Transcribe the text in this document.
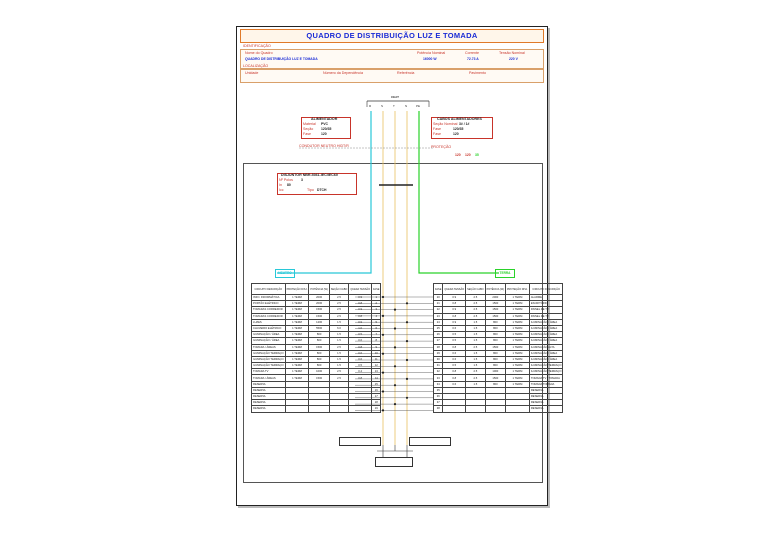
QUADRO DE DISTRIBUIÇÃO LUZ E TOMADA
IDENTIFICAÇÃO
Nome do Quadro
QUADRO DE DISTRIBUIÇÃO LUZ E TOMADA
Potência Nominal
16000 W
Corrente
72.73 A
Tensão Nominal
220 V
LOCALIZAÇÃO
Unidade	Número da Dependência	Referência	Pavimento
CEAT
R	S	T	N	PE
ALIMENTADOR
Material PVC
Seção 120/35
Fase	120
CABOS ALIMENTADORES
Seção Nominal 3# / 1#
Fase	120/35
Fase	120
CONDUTOR NEUTRO HIDT/R	PROTEÇÃO
120 120 35
DISJUNTOR NBR-5361-IEC/IEC60
Nº Polos 3
In 80
Icc	Tipo DTCH
NEUTRO	TERRA
CIRCUITO DESCRIÇÃO	PROTEÇÃO DISJ.	POTÊNCIA (W)	SEÇÃO CABO	QUEDA TENSÃO	FASE
INFO. INFORMÁTICA	1 TERM	2000	2.5	0.9	1
PORTÃO ELÉTRICO	1 TERM	2000	2.5	0.8	2
TOMADAS CORREDOR	1 TERM	1500	2.5	0.9	3
TOMADAS CORREDOR	1 TERM	1500	2.5	0.8	4
LUZES	1 TERM	1200	1.5	0.9	5
CHUVEIRO ELÉTRICO	1 TERM	5500	6.0	1.0	6
ILUMINAÇÃO / ÁREA	1 TERM	800	1.5	0.5	7
ILUMINAÇÃO / ÁREA	1 TERM	800	1.5	0.6	8
TOMADA / ÁREAS	1 TERM	1500	2.5	0.8	9
ILUMINAÇÃO TERRAÇO	1 TERM	800	1.5	0.6	10
ILUMINAÇÃO TERRAÇO	1 TERM	800	1.5	0.6	11
ILUMINAÇÃO TERRAÇO	1 TERM	800	1.5	0.5	12
TOMADA TV	1 TERM	1000	2.5	0.4	13
TOMADA / ÁREAS	1 TERM	1500	2.5	0.8	14
RESERVA					15
RESERVA					16
RESERVA					17
RESERVA					18
RESERVA					19
FASE	QUEDA TENSÃO	SEÇÃO CABO	POTÊNCIA (W)	PROTEÇÃO DISJ.	CIRCUITO DESCRIÇÃO
20	0.9	2.5	2000	1 TERM	ALARME
21	0.8	2.5	1500	1 TERM	ESCRITÓRIO
22	0.9	2.5	1500	1 TERM	PAINEL DE TV
23	0.8	2.5	1500	1 TERM	PAINEL DE TV
24	0.9	1.5	800	1 TERM	ILUMINAÇÃO / ÁREA
25	0.6	1.5	800	1 TERM	ILUMINAÇÃO / ÁREA
26	0.5	1.5	800	1 TERM	ILUMINAÇÃO / ÁREA
27	0.5	1.5	800	1 TERM	ILUMINAÇÃO / ÁREA
28	0.8	2.5	1500	1 TERM	ILUMINAÇÃO ALTA
29	0.6	1.5	800	1 TERM	ILUMINAÇÃO / ÁREA
30	0.6	1.5	800	1 TERM	ILUMINAÇÃO / ÁREA
31	0.5	1.5	800	1 TERM	ILUMINAÇÃO TERRAÇO
32	0.8	2.5	1000	1 TERM	ILUMINAÇÃO TERRAÇO
33	0.8	2.5	1500	1 TERM	TOMADA TV / TOMADA
34	0.6	1.5	800	1 TERM	TOMADA TOMADA
35					RESERVA
36					RESERVA
37					RESERVA
38					RESERVA
